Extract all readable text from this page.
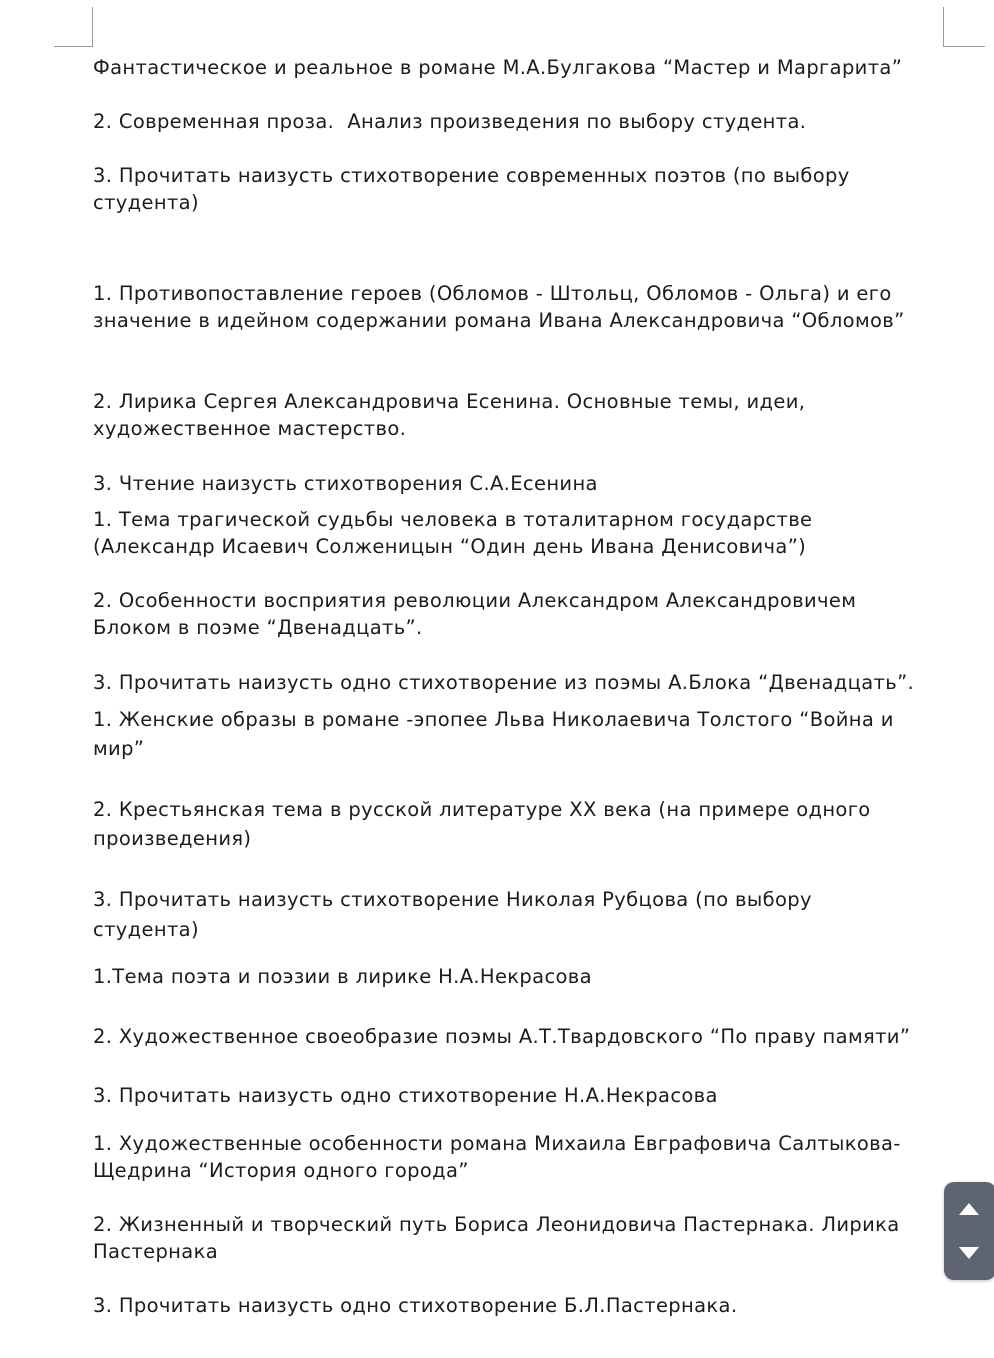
Фантастическое и реальное в романе М.А.Булгакова “Мастер и Маргарита”

2. Современная проза.  Анализ произведения по выбору студента.

3. Прочитать наизусть стихотворение современных поэтов (по выбору студента)

1. Противопоставление героев (Обломов - Штольц, Обломов - Ольга) и его значение в идейном содержании романа Ивана Александровича “Обломов”

2. Лирика Сергея Александровича Есенина. Основные темы, идеи, художественное мастерство.

3. Чтение наизусть стихотворения С.А.Есенина

1. Тема трагической судьбы человека в тоталитарном государстве (Александр Исаевич Солженицын “Один день Ивана Денисовича”)

2. Особенности восприятия революции Александром Александровичем Блоком в поэме “Двенадцать”.

3. Прочитать наизусть одно стихотворение из поэмы А.Блока “Двенадцать”.

1. Женские образы в романе -эпопее Льва Николаевича Толстого “Война и мир”

2. Крестьянская тема в русской литературе XX века (на примере одного произведения)

3. Прочитать наизусть стихотворение Николая Рубцова (по выбору студента)

1.Тема поэта и поэзии в лирике Н.А.Некрасова

2. Художественное своеобразие поэмы А.Т.Твардовского “По праву памяти”

3. Прочитать наизусть одно стихотворение Н.А.Некрасова

1. Художественные особенности романа Михаила Евграфовича Салтыкова-Щедрина “История одного города”

2. Жизненный и творческий путь Бориса Леонидовича Пастернака. Лирика Пастернака

3. Прочитать наизусть одно стихотворение Б.Л.Пастернака.
